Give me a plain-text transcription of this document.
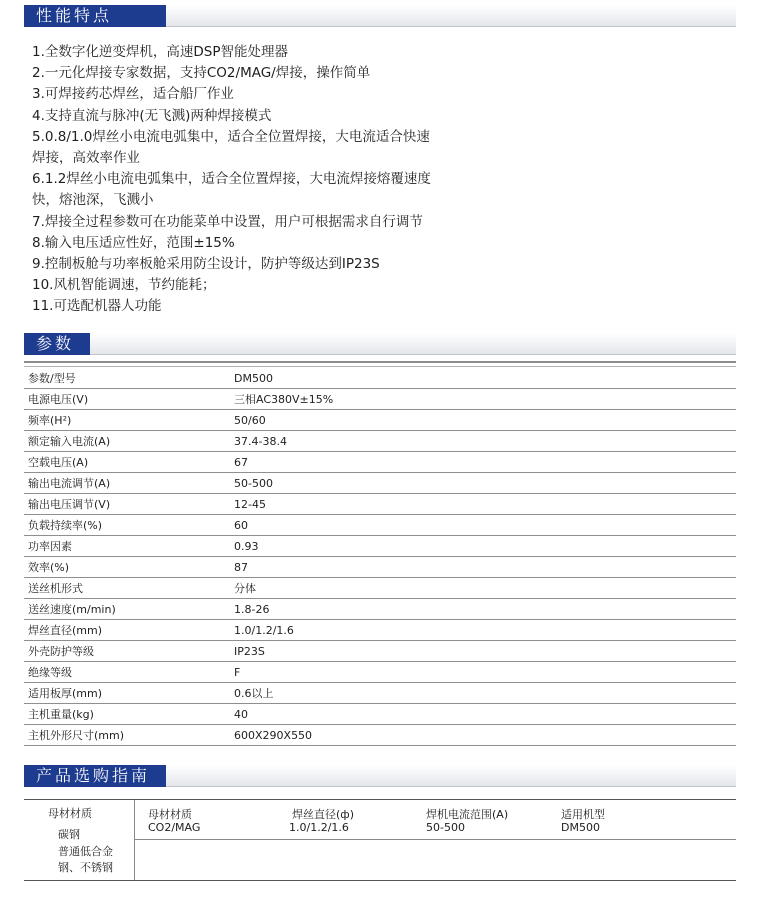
性能特点
1.全数字化逆变焊机，高速DSP智能处理器
2.一元化焊接专家数据，支持CO2/MAG/焊接，操作简单
3.可焊接药芯焊丝，适合船厂作业
4.支持直流与脉冲(无飞溅)两种焊接模式
5.0.8/1.0焊丝小电流电弧集中，适合全位置焊接，大电流适合快速
焊接，高效率作业
6.1.2焊丝小电流电弧集中，适合全位置焊接，大电流焊接熔覆速度
快，熔池深，飞溅小
7.焊接全过程参数可在功能菜单中设置，用户可根据需求自行调节
8.输入电压适应性好，范围±15%
9.控制板舱与功率板舱采用防尘设计，防护等级达到IP23S
10.风机智能调速，节约能耗；
11.可选配机器人功能
参数
参数/型号	DM500
电源电压(V)	三相AC380V±15%
频率(H²)	50/60
额定输入电流(A)	37.4-38.4
空载电压(A)	67
输出电流调节(A)	50-500
输出电压调节(V)	12-45
负载持续率(%)	60
功率因素	0.93
效率(%)	87
送丝机形式	分体
送丝速度(m/min)	1.8-26
焊丝直径(mm)	1.0/1.2/1.6
外壳防护等级	IP23S
绝缘等级	F
适用板厚(mm)	0.6以上
主机重量(kg)	40
主机外形尺寸(mm)	600X290X550
产品选购指南
母材材质
碳钢
普通低合金
钢、不锈钢
母材材质	焊丝直径(ф)	焊机电流范围(A)	适用机型
CO2/MAG	1.0/1.2/1.6	50-500	DM500
